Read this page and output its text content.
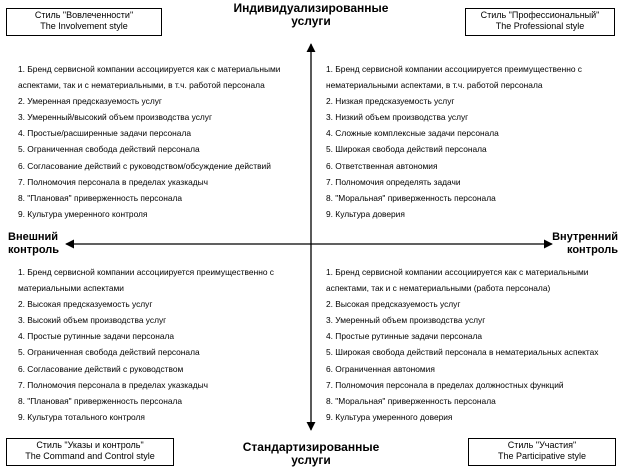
Индивидуализированные
услуги
Стандартизированные
услуги
Внешний
контроль
Внутренний
контроль
Стиль "Вовлеченности"
The Involvement style
Стиль "Профессиональный"
The Professional style
Стиль "Указы и контроль"
The Command and Control style
Стиль "Участия"
The Participative style
1. Бренд сервисной компании ассоциируется как с материальными
аспектами, так и с нематериальными, в т.ч. работой персонала
2. Умеренная предсказуемость услуг
3. Умеренный/высокий объем производства услуг
4. Простые/расширенные задачи персонала
5. Ограниченная свобода действий персонала
6. Согласование действий с руководством/обсуждение действий
7. Полномочия персонала в пределах указкадыч
8. "Плановая" приверженность персонала
9. Культура умеренного контроля
1. Бренд сервисной компании ассоциируется преимущественно с
нематериальными аспектами, в т.ч. работой персонала
2. Низкая предсказуемость услуг
3. Низкий объем производства услуг
4. Сложные комплексные задачи персонала
5. Широкая свобода действий персонала
6. Ответственная автономия
7. Полномочия определять задачи
8. "Моральная" приверженность персонала
9. Культура доверия
1. Бренд сервисной компании ассоциируется преимущественно с
материальными аспектами
2. Высокая предсказуемость услуг
3. Высокий объем производства услуг
4. Простые рутинные задачи персонала
5. Ограниченная свобода действий персонала
6. Согласование действий с руководством
7. Полномочия персонала в пределах указкадыч
8. "Плановая" приверженность персонала
9. Культура тотального контроля
1. Бренд сервисной компании ассоциируется как с материальными
аспектами, так и с нематериальными (работа персонала)
2. Высокая предсказуемость услуг
3. Умеренный объем производства услуг
4. Простые рутинные задачи персонала
5. Широкая свобода действий персонала в нематериальных аспектах
6. Ограниченная автономия
7. Полномочия персонала в пределах должностных функций
8. "Моральная" приверженность персонала
9. Культура умеренного доверия
